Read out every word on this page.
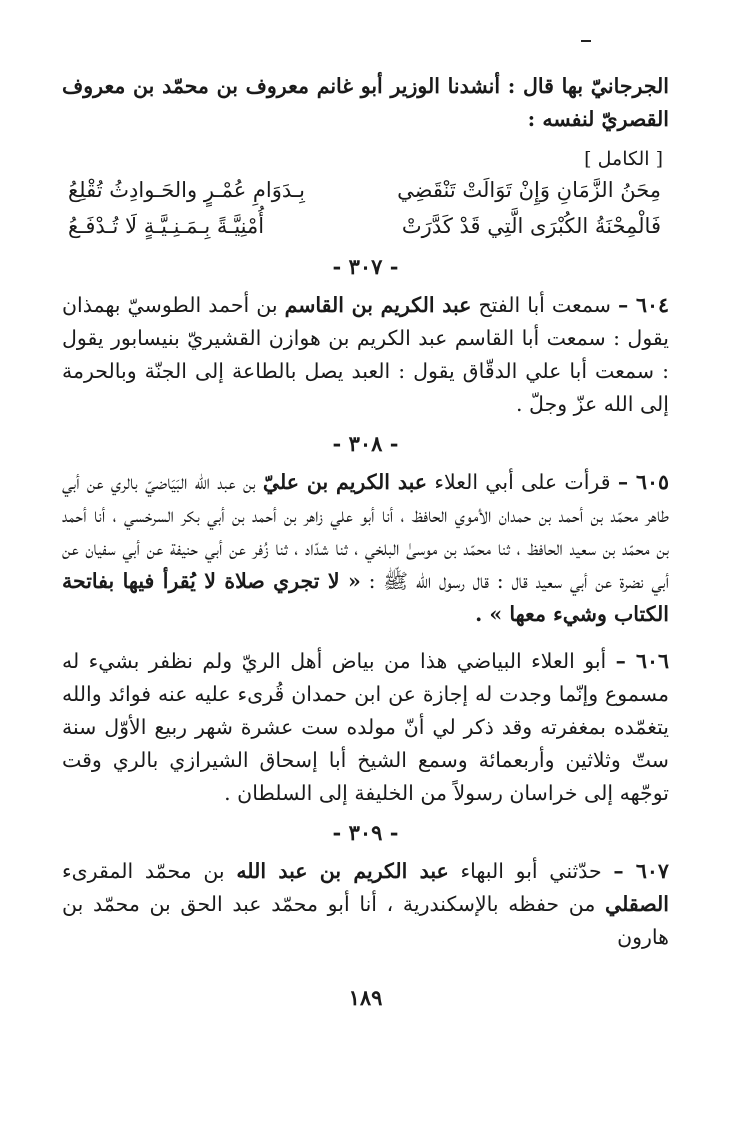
الجرجانيّ بها قال : أنشدنا الوزير أبو غانم معروف بن محمّد بن معروف القصريّ لنفسه :

[ الكامل ]
مِحَنُ الزَّمَانِ وَإِنْ تَوَالَتْ تَنْقَضِي
بِـدَوَامِ عُمْـرٍ والحَـوادِثُ تُقْلِعُ
فَالْمِحْنَةُ الكُبْرَى الَّتِي قَدْ كَدَّرَتْ
أُمْنِيَّـةً بِـمَـنِـيَّـةٍ لَا تُـدْفَـعُ
- ٣٠٧ -

٦٠٤ – سمعت أبا الفتح عبد الكريم بن القاسم بن أحمد الطوسيّ بهمذان يقول : سمعت أبا القاسم عبد الكريم بن هوازن القشيريّ بنيسابور يقول : سمعت أبا علي الدقّاق يقول : العبد يصل بالطاعة إلى الجنّة وبالحرمة إلى الله عزّ وجلّ .

- ٣٠٨ -

٦٠٥ – قرأت على أبي العلاء عبد الكريم بن عليّ بن عبد الله البَيَاضيّ بالري عن أبي طاهر محمّد بن أحمد بن حمدان الأموي الحافظ ، أنا أبو علي زاهر بن أحمد بن أبي بكر السرخسي ، أنا أحمد بن محمّد بن سعيد الحافظ ، ثنا محمّد بن موسىٰ البلخي ، ثنا شدّاد ، ثنا زُفر عن أبي حنيفة عن أبي سفيان عن أبي نضرة عن أبي سعيد قال : قال رسول الله ﷺ : « لا تجري صلاة لا يُقرأ فيها بفاتحة الكتاب وشيء معها » .

٦٠٦ – أبو العلاء البياضي هذا من بياض أهل الريّ ولم نظفر بشيء له مسموع وإنّما وجدت له إجازة عن ابن حمدان قُرىء عليه عنه فوائد والله يتغمّده بمغفرته وقد ذكر لي أنّ مولده ست عشرة شهر ربيع الأوّل سنة ستّ وثلاثين وأربعمائة وسمع الشيخ أبا إسحاق الشيرازي بالري وقت توجّهه إلى خراسان رسولاً من الخليفة إلى السلطان .

- ٣٠٩ -

٦٠٧ – حدّثني أبو البهاء عبد الكريم بن عبد الله بن محمّد المقرىء الصقلي من حفظه بالإسكندرية ، أنا أبو محمّد عبد الحق بن محمّد بن هارون

١٨٩
